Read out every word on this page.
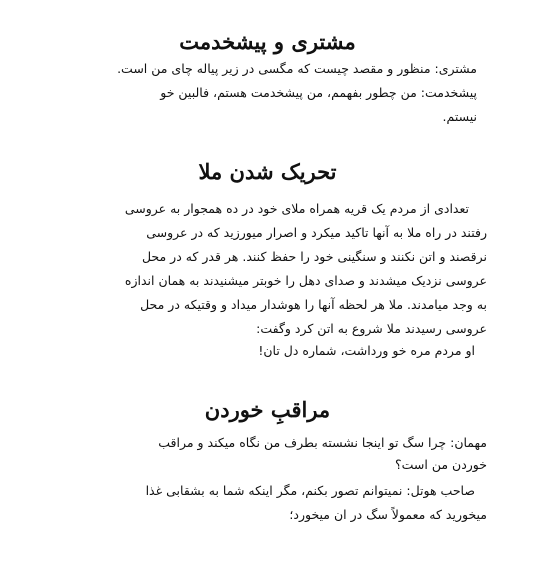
مشتری و پیشخدمت
مشتری: منظور و مقصد چیست که مگسی در زیر پیاله چای من است.
پیشخدمت: من چطور بفهمم، من پیشخدمت هستم، فالبین خو
نیستم.
تحریک شدن ملا
تعدادی از مردم یک قریه همراه ملای خود در ده همجوار به عروسی
رفتند در راه ملا به آنها تاکید میکرد و اصرار میورزید که در عروسی
نرقصند و اتن نکنند و سنگینی خود را حفظ کنند. هر قدر که در محل
عروسی نزدیک میشدند و صدای دهل را خوبتر میشنیدند به همان اندازه
به وجد میامدند. ملا هر لحظه آنها را هوشدار میداد و وقتیکه در محل
عروسی رسیدند ملا شروع به اتن کرد وگفت:
او مردم مره خو ورداشت، شماره دل تان!
مراقبِ خوردن
مهمان: چرا سگ تو اینجا نشسته بطرف من نگاه میکند و مراقب
خوردن من است؟
صاحب هوتل: نمیتوانم تصور بکنم، مگر اینکه شما به بشقابی غذا
میخورید که معمولاً سگ در ان میخورد؛
